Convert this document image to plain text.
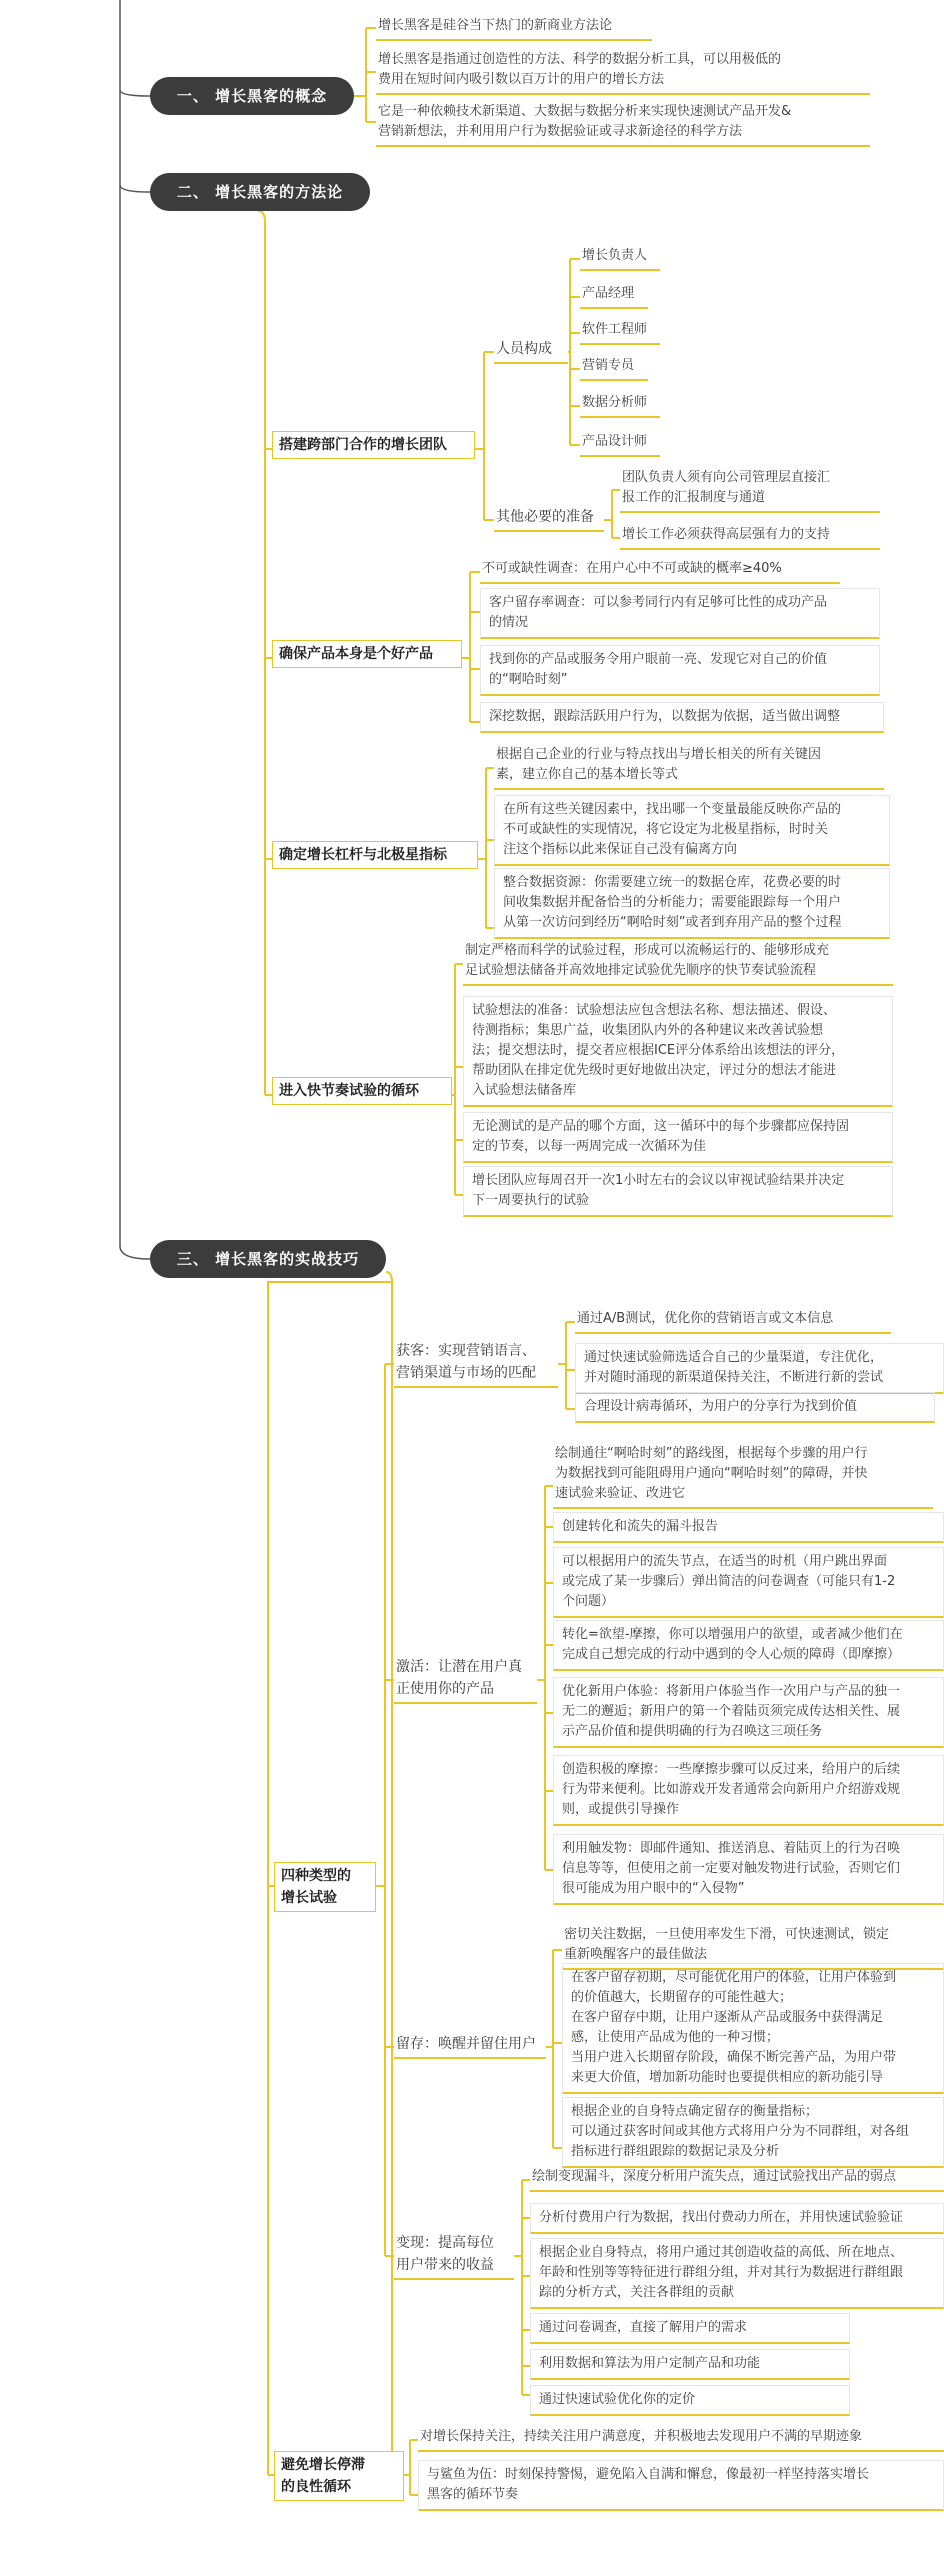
一、 增长黑客的概念
增长黑客是硅谷当下热门的新商业方法论
增长黑客是指通过创造性的方法、科学的数据分析工具，可以用极低的
费用在短时间内吸引数以百万计的用户的增长方法
它是一种依赖技术新渠道、大数据与数据分析来实现快速测试产品开发&
营销新想法，并利用用户行为数据验证或寻求新途径的科学方法
二、 增长黑客的方法论
搭建跨部门合作的增长团队
人员构成
增长负责人
产品经理
软件工程师
营销专员
数据分析师
产品设计师
其他必要的准备
团队负责人须有向公司管理层直接汇
报工作的汇报制度与通道
增长工作必须获得高层强有力的支持
确保产品本身是个好产品
不可或缺性调查：在用户心中不可或缺的概率≥40%
客户留存率调查：可以参考同行内有足够可比性的成功产品
的情况
找到你的产品或服务令用户眼前一亮、发现它对自己的价值
的“啊哈时刻”
深挖数据，跟踪活跃用户行为，以数据为依据，适当做出调整
确定增长杠杆与北极星指标
根据自己企业的行业与特点找出与增长相关的所有关键因
素，建立你自己的基本增长等式
在所有这些关键因素中，找出哪一个变量最能反映你产品的
不可或缺性的实现情况，将它设定为北极星指标，时时关
注这个指标以此来保证自己没有偏离方向
整合数据资源：你需要建立统一的数据仓库，花费必要的时
间收集数据并配备恰当的分析能力；需要能跟踪每一个用户
从第一次访问到经历“啊哈时刻”或者到弃用产品的整个过程
进入快节奏试验的循环
制定严格而科学的试验过程，形成可以流畅运行的、能够形成充
足试验想法储备并高效地排定试验优先顺序的快节奏试验流程
试验想法的准备：试验想法应包含想法名称、想法描述、假设、
待测指标；集思广益，收集团队内外的各种建议来改善试验想
法；提交想法时，提交者应根据ICE评分体系给出该想法的评分，
帮助团队在排定优先级时更好地做出决定，评过分的想法才能进
入试验想法储备库
无论测试的是产品的哪个方面，这一循环中的每个步骤都应保持固
定的节奏，以每一两周完成一次循环为佳
增长团队应每周召开一次1小时左右的会议以审视试验结果并决定
下一周要执行的试验
三、 增长黑客的实战技巧
四种类型的
增长试验
获客：实现营销语言、
营销渠道与市场的匹配
通过A/B测试，优化你的营销语言或文本信息
通过快速试验筛选适合自己的少量渠道，专注优化，
并对随时涌现的新渠道保持关注，不断进行新的尝试
合理设计病毒循环，为用户的分享行为找到价值
激活：让潜在用户真
正使用你的产品
绘制通往“啊哈时刻”的路线图，根据每个步骤的用户行
为数据找到可能阻碍用户通向“啊哈时刻”的障碍，并快
速试验来验证、改进它
创建转化和流失的漏斗报告
可以根据用户的流失节点，在适当的时机（用户跳出界面
或完成了某一步骤后）弹出简洁的问卷调查（可能只有1-2
个问题）
转化=欲望-摩擦，你可以增强用户的欲望，或者减少他们在
完成自己想完成的行动中遇到的令人心烦的障碍（即摩擦）
优化新用户体验：将新用户体验当作一次用户与产品的独一
无二的邂逅；新用户的第一个着陆页须完成传达相关性、展
示产品价值和提供明确的行为召唤这三项任务
创造积极的摩擦：一些摩擦步骤可以反过来，给用户的后续
行为带来便利。比如游戏开发者通常会向新用户介绍游戏规
则，或提供引导操作
利用触发物：即邮件通知、推送消息、着陆页上的行为召唤
信息等等，但使用之前一定要对触发物进行试验，否则它们
很可能成为用户眼中的“入侵物”
留存：唤醒并留住用户
密切关注数据，一旦使用率发生下滑，可快速测试，锁定
重新唤醒客户的最佳做法
在客户留存初期，尽可能优化用户的体验，让用户体验到
的价值越大，长期留存的可能性越大；
在客户留存中期，让用户逐渐从产品或服务中获得满足
感，让使用产品成为他的一种习惯；
当用户进入长期留存阶段，确保不断完善产品，为用户带
来更大价值，增加新功能时也要提供相应的新功能引导
根据企业的自身特点确定留存的衡量指标；
可以通过获客时间或其他方式将用户分为不同群组，对各组
指标进行群组跟踪的数据记录及分析
变现：提高每位
用户带来的收益
绘制变现漏斗，深度分析用户流失点，通过试验找出产品的弱点
分析付费用户行为数据，找出付费动力所在，并用快速试验验证
根据企业自身特点，将用户通过其创造收益的高低、所在地点、
年龄和性别等等特征进行群组分组，并对其行为数据进行群组跟
踪的分析方式，关注各群组的贡献
通过问卷调查，直接了解用户的需求
利用数据和算法为用户定制产品和功能
通过快速试验优化你的定价
避免增长停滞
的良性循环
对增长保持关注，持续关注用户满意度，并积极地去发现用户不满的早期迹象
与鲨鱼为伍：时刻保持警惕，避免陷入自满和懈怠，像最初一样坚持落实增长
黑客的循环节奏
